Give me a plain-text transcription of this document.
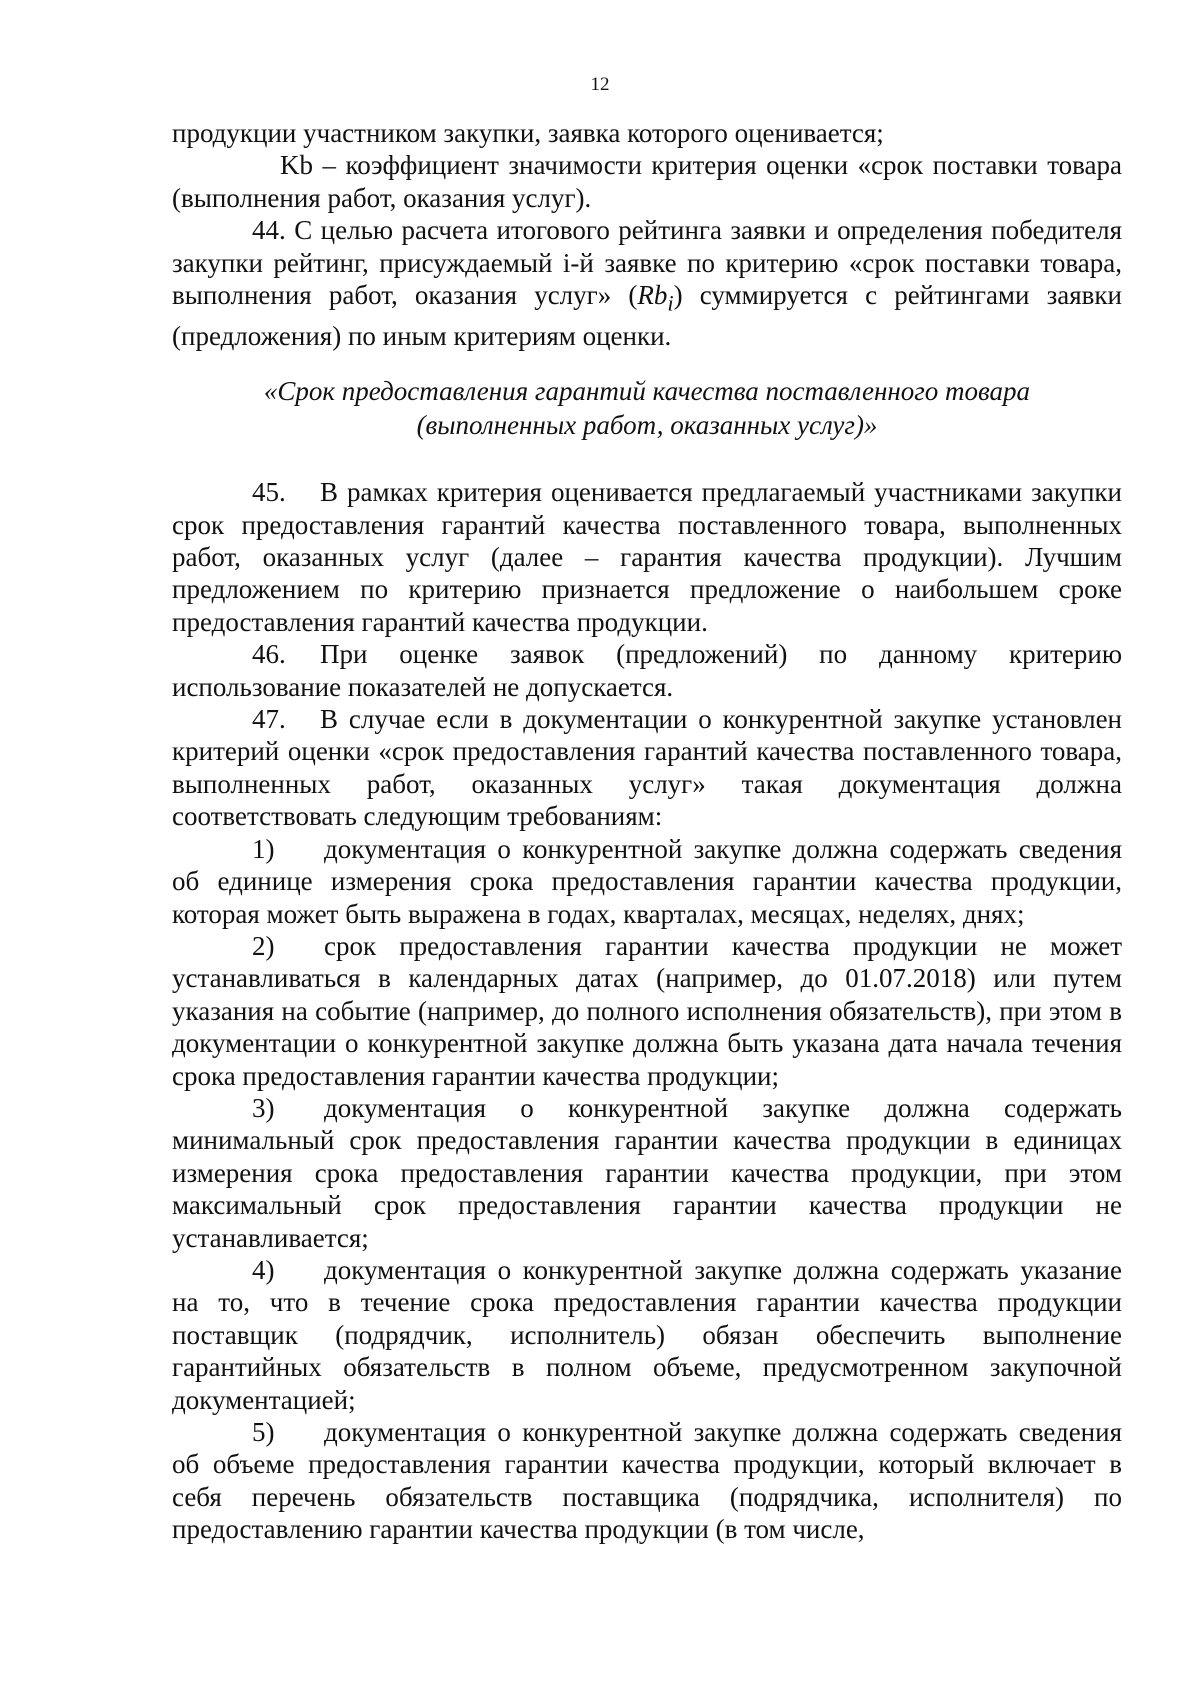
12

продукции участником закупки, заявка которого оценивается;

Kb – коэффициент значимости критерия оценки «срок поставки товара (выполнения работ, оказания услуг).

44. С целью расчета итогового рейтинга заявки и определения победителя закупки рейтинг, присуждаемый i-й заявке по критерию «срок поставки товара, выполнения работ, оказания услуг» $(Rb_i)$ суммируется с рейтингами заявки (предложения) по иным критериям оценки.

«Срок предоставления гарантий качества поставленного товара
(выполненных работ, оказанных услуг)»

45. В рамках критерия оценивается предлагаемый участниками закупки срок предоставления гарантий качества поставленного товара, выполненных работ, оказанных услуг (далее – гарантия качества продукции). Лучшим предложением по критерию признается предложение о наибольшем сроке предоставления гарантий качества продукции.

46. При оценке заявок (предложений) по данному критерию использование показателей не допускается.

47. В случае если в документации о конкурентной закупке установлен критерий оценки «срок предоставления гарантий качества поставленного товара, выполненных работ, оказанных услуг» такая документация должна соответствовать следующим требованиям:

1) документация о конкурентной закупке должна содержать сведения об единице измерения срока предоставления гарантии качества продукции, которая может быть выражена в годах, кварталах, месяцах, неделях, днях;

2) срок предоставления гарантии качества продукции не может устанавливаться в календарных датах (например, до 01.07.2018) или путем указания на событие (например, до полного исполнения обязательств), при этом в документации о конкурентной закупке должна быть указана дата начала течения срока предоставления гарантии качества продукции;

3) документация о конкурентной закупке должна содержать минимальный срок предоставления гарантии качества продукции в единицах измерения срока предоставления гарантии качества продукции, при этом максимальный срок предоставления гарантии качества продукции не устанавливается;

4) документация о конкурентной закупке должна содержать указание на то, что в течение срока предоставления гарантии качества продукции поставщик (подрядчик, исполнитель) обязан обеспечить выполнение гарантийных обязательств в полном объеме, предусмотренном закупочной документацией;

5) документация о конкурентной закупке должна содержать сведения об объеме предоставления гарантии качества продукции, который включает в себя перечень обязательств поставщика (подрядчика, исполнителя) по предоставлению гарантии качества продукции (в том числе,
